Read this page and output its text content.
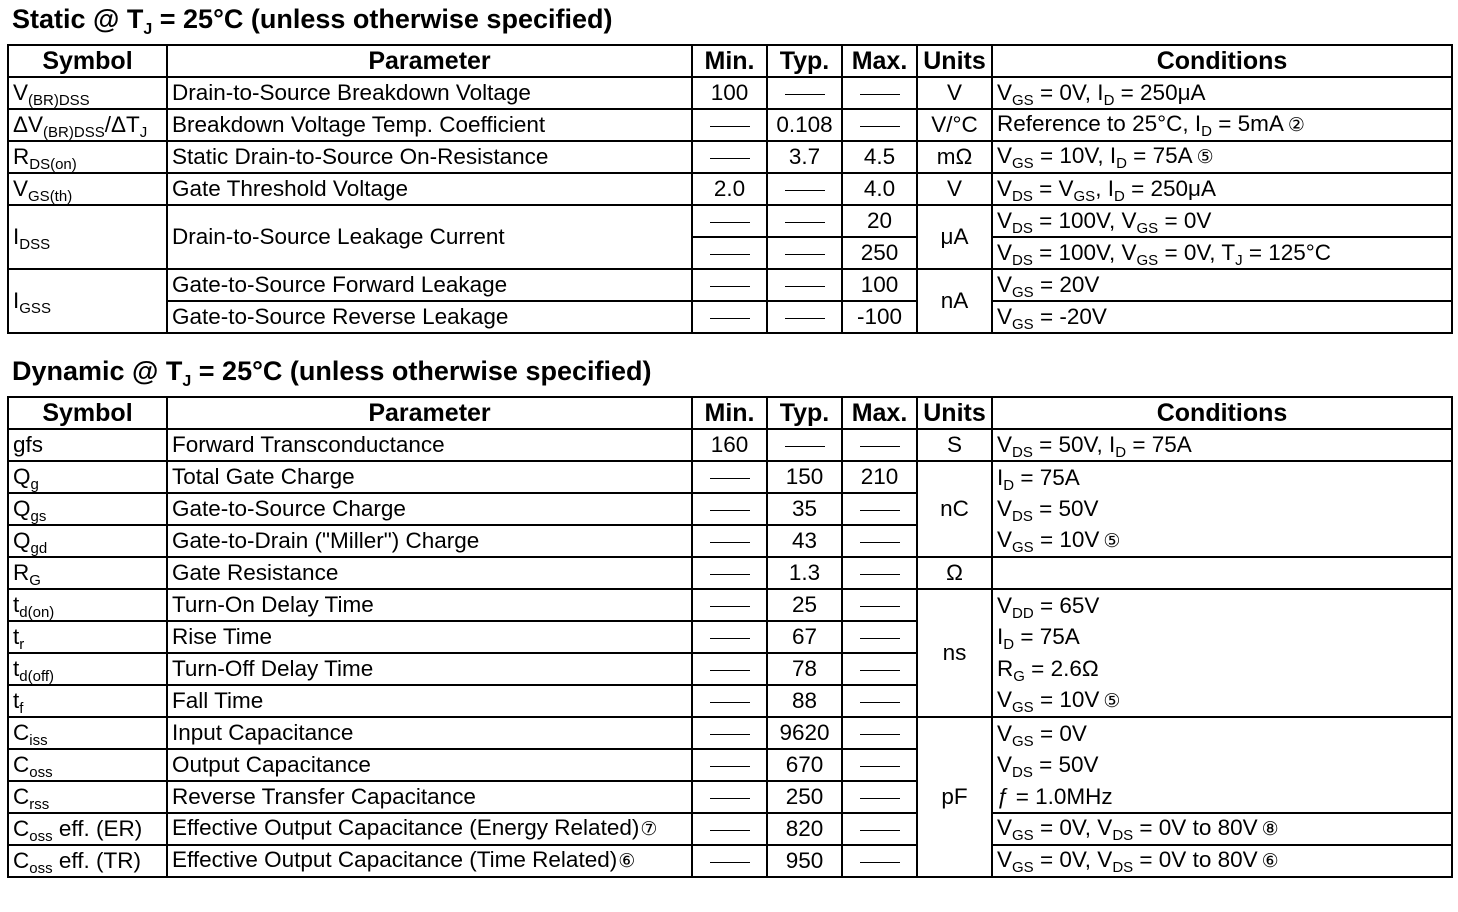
Static @ $T_J = 25^\circ C$ (unless otherwise specified)
Symbol	Parameter	Min.	Typ.	Max.	Units	Conditions
$V_{(BR)DSS}$	Drain-to-Source Breakdown Voltage	100			V	$V_{GS} = 0V$, $I_D = 250\mu A$
$\Delta V_{(BR)DSS}/\Delta T_J$	Breakdown Voltage Temp. Coefficient		0.108		V/°C	Reference to 25°C, $I_D = 5mA$ ②
$R_{DS(on)}$	Static Drain-to-Source On-Resistance		3.7	4.5	mΩ	$V_{GS} = 10V$, $I_D = 75A$ ⑤
$V_{GS(th)}$	Gate Threshold Voltage	2.0		4.0	V	$V_{DS} = V_{GS}$, $I_D = 250\mu A$
$I_{DSS}$	Drain-to-Source Leakage Current			20	μA	$V_{DS} = 100V$, $V_{GS} = 0V$
				250		$V_{DS} = 100V$, $V_{GS} = 0V$, $T_J = 125^\circ C$
$I_{GSS}$	Gate-to-Source Forward Leakage			100	nA	$V_{GS} = 20V$
	Gate-to-Source Reverse Leakage			-100		$V_{GS} = -20V$
Dynamic @ $T_J = 25^\circ C$ (unless otherwise specified)
Symbol	Parameter	Min.	Typ.	Max.	Units	Conditions
gfs	Forward Transconductance	160			S	$V_{DS} = 50V$, $I_D = 75A$
$Q_g$	Total Gate Charge		150	210	nC	$I_D = 75A$
$Q_{gs}$	Gate-to-Source Charge		35			$V_{DS} = 50V$
$Q_{gd}$	Gate-to-Drain ("Miller") Charge		43			$V_{GS} = 10V$ ⑤
$R_G$	Gate Resistance		1.3		Ω	
$t_{d(on)}$	Turn-On Delay Time		25		ns	$V_{DD} = 65V$
$t_r$	Rise Time		67			$I_D = 75A$
$t_{d(off)}$	Turn-Off Delay Time		78			$R_G = 2.6\Omega$
$t_f$	Fall Time		88			$V_{GS} = 10V$ ⑤
$C_{iss}$	Input Capacitance		9620		pF	$V_{GS} = 0V$
$C_{oss}$	Output Capacitance		670			$V_{DS} = 50V$
$C_{rss}$	Reverse Transfer Capacitance		250			ƒ = 1.0MHz
$C_{oss}$ eff. (ER)	Effective Output Capacitance (Energy Related)⑦		820			$V_{GS} = 0V$, $V_{DS} = 0V$ to 80V ⑧
$C_{oss}$ eff. (TR)	Effective Output Capacitance (Time Related)⑥		950			$V_{GS} = 0V$, $V_{DS} = 0V$ to 80V ⑥
